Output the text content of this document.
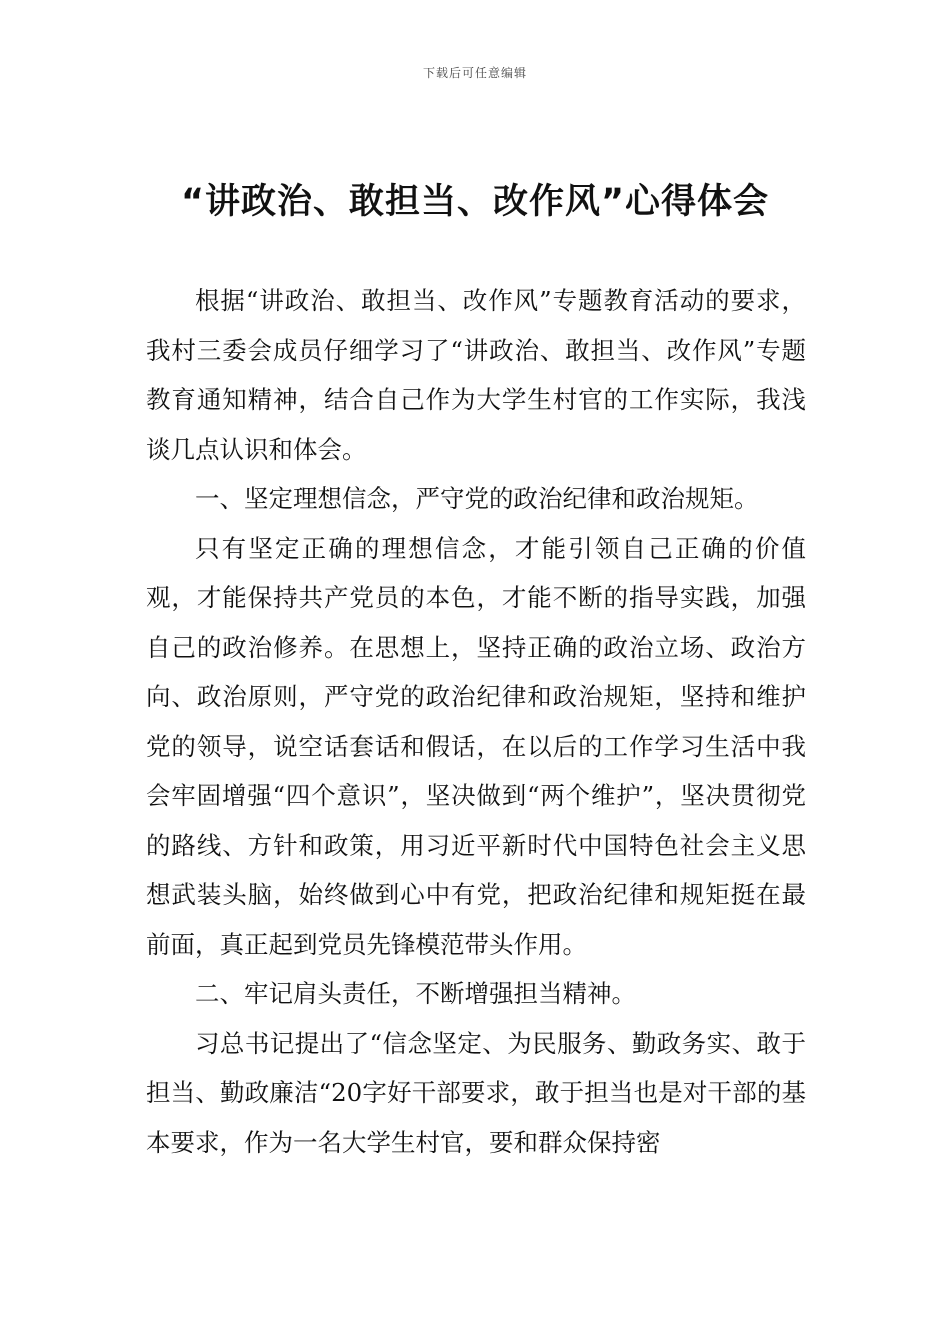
下载后可任意编辑
“讲政治、敢担当、改作风”心得体会

根据“讲政治、敢担当、改作风”专题教育活动的要求，我村三委会成员仔细学习了“讲政治、敢担当、改作风”专题教育通知精神，结合自己作为大学生村官的工作实际，我浅谈几点认识和体会。

一、坚定理想信念，严守党的政治纪律和政治规矩。

只有坚定正确的理想信念，才能引领自己正确的价值观，才能保持共产党员的本色，才能不断的指导实践，加强自己的政治修养。在思想上，坚持正确的政治立场、政治方向、政治原则，严守党的政治纪律和政治规矩，坚持和维护党的领导，说空话套话和假话，在以后的工作学习生活中我会牢固增强“四个意识”，坚决做到“两个维护”，坚决贯彻党的路线、方针和政策，用习近平新时代中国特色社会主义思想武装头脑，始终做到心中有党，把政治纪律和规矩挺在最前面，真正起到党员先锋模范带头作用。

二、牢记肩头责任，不断增强担当精神。

习总书记提出了“信念坚定、为民服务、勤政务实、敢于担当、勤政廉洁“20字好干部要求，敢于担当也是对干部的基本要求，作为一名大学生村官，要和群众保持密
